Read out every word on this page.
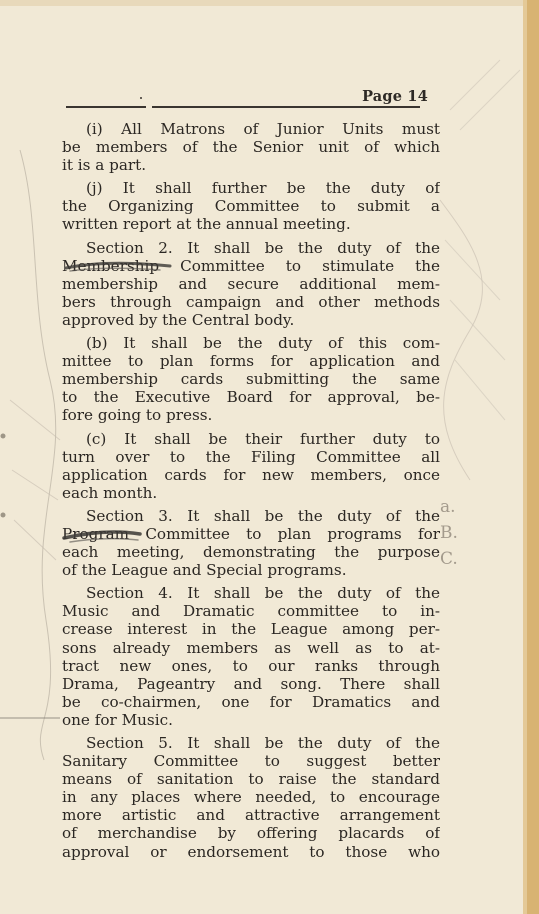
Page 14
(i) All Matrons of Junior Units must
be members of the Senior unit of which
it is a part.
(j) It shall further be the duty of
the Organizing Committee to submit a
written report at the annual meeting.
Section 2. It shall be the duty of the
Membership Committee to stimulate the
membership and secure additional mem-
bers through campaign and other methods
approved by the Central body.
(b) It shall be the duty of this com-
mittee to plan forms for application and
membership cards submitting the same
to the Executive Board for approval, be-
fore going to press.
(c) It shall be their further duty to
turn over to the Filing Committee all
application cards for new members, once
each month.
Section 3. It shall be the duty of the
Program Committee to plan programs for
each meeting, demonstrating the purpose
of the League and Special programs.
Section 4. It shall be the duty of the
Music and Dramatic committee to in-
crease interest in the League among per-
sons already members as well as to at-
tract new ones, to our ranks through
Drama, Pageantry and song. There shall
be co-chairmen, one for Dramatics and
one for Music.
Section 5. It shall be the duty of the
Sanitary Committee to suggest better
means of sanitation to raise the standard
in any places where needed, to encourage
more artistic and attractive arrangement
of merchandise by offering placards of
approval or endorsement to those who
a. B. C.
